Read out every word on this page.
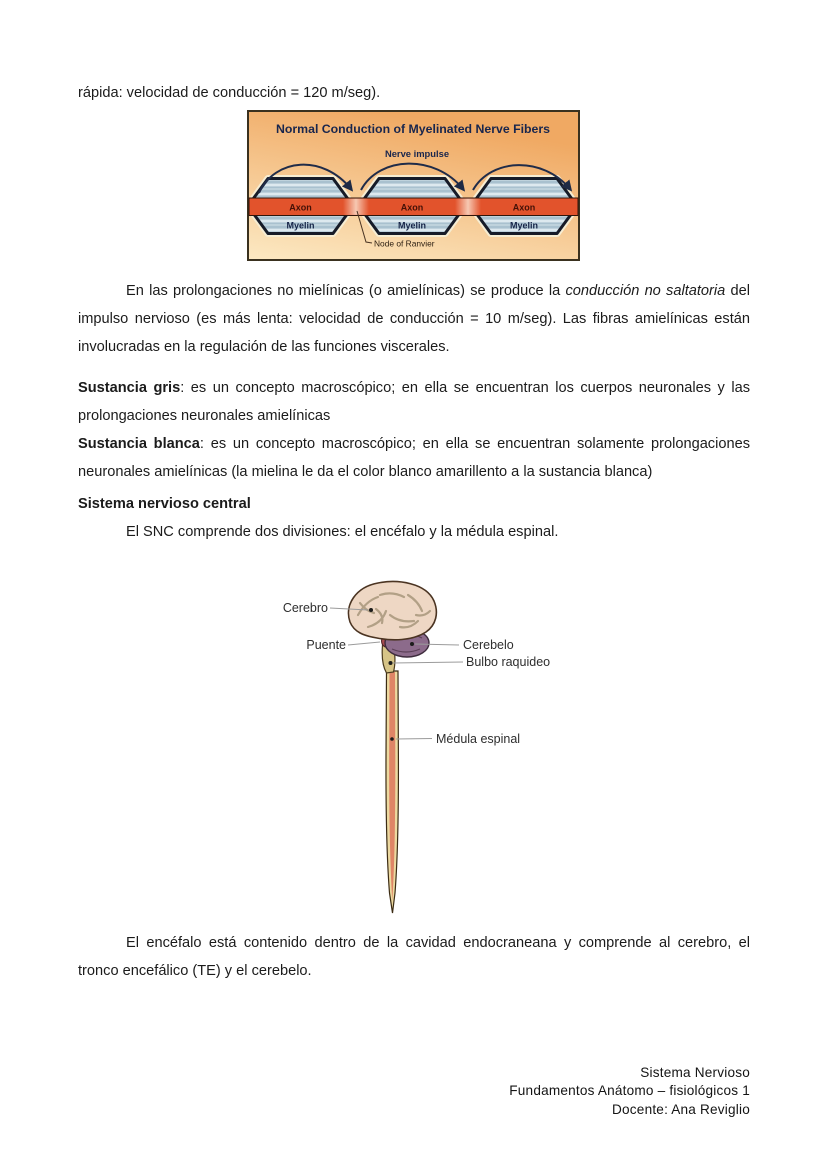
rápida: velocidad de conducción = 120 m/seg).
Normal Conduction of Myelinated Nerve Fibers
Nerve impulse
Axon	Axon	Axon
Myelin	Myelin	Myelin
Node of Ranvier
En las prolongaciones no mielínicas (o amielínicas) se produce la conducción no saltatoria del impulso nervioso (es más lenta: velocidad de conducción = 10 m/seg). Las fibras amielínicas están involucradas en la regulación de las funciones viscerales.

Sustancia gris: es un concepto macroscópico; en ella se encuentran los cuerpos neuronales y las prolongaciones neuronales amielínicas

Sustancia blanca: es un concepto macroscópico; en ella se encuentran solamente prolongaciones neuronales amielínicas (la mielina le da el color blanco amarillento a la sustancia blanca)

Sistema nervioso central
El SNC comprende dos divisiones: el encéfalo y la médula espinal.
Cerebro
Puente	Cerebelo
Bulbo raquideo
Médula espinal
El encéfalo está contenido dentro de la cavidad endocraneana y comprende al cerebro, el tronco encefálico (TE) y el cerebelo.
Sistema Nervioso
Fundamentos Anátomo – fisiológicos 1
Docente: Ana Reviglio
